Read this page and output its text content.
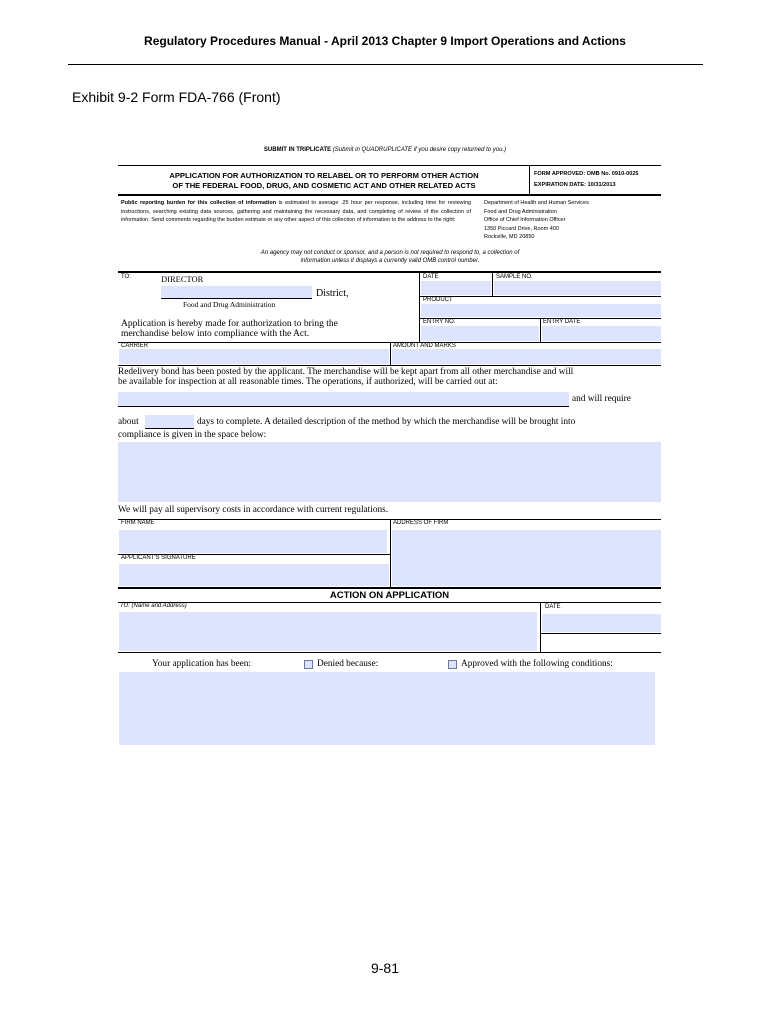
Regulatory Procedures Manual - April 2013 Chapter 9 Import Operations and Actions
Exhibit 9-2 Form FDA-766 (Front)
SUBMIT IN TRIPLICATE (Submit in QUADRUPLICATE if you desire copy returned to you.)
APPLICATION FOR AUTHORIZATION TO RELABEL OR TO PERFORM OTHER ACTION
OF THE FEDERAL FOOD, DRUG, AND COSMETIC ACT AND OTHER RELATED ACTS
FORM APPROVED: OMB No. 0910-0025
EXPIRATION DATE: 10/31/2013
Public reporting burden for this collection of information is estimated to average .25 hour per response, including time for reviewing instructions, searching existing data sources, gathering and maintaining the necessary data, and completing of review of the collection of information. Send comments regarding the burden estimate or any other aspect of this collection of information to the address to the right:
Department of Health and Human Services
Food and Drug Administration
Office of Chief Information Officer
1350 Piccard Drive, Room 400
Rockville, MD 20850
An agency may not conduct or sponsor, and a person is not required to respond to, a collection of
information unless it displays a currently valid OMB control number.
TO:	DIRECTOR
District,
Food and Drug Administration
DATE	SAMPLE NO.
PRODUCT
ENTRY NO.	ENTRY DATE
Application is hereby made for authorization to bring the
merchandise below into compliance with the Act.
CARRIER	AMOUNT AND MARKS
Redelivery bond has been posted by the applicant. The merchandise will be kept apart from all other merchandise and will
be available for inspection at all reasonable times. The operations, if authorized, will be carried out at:
and will require
about	days to complete. A detailed description of the method by which the merchandise will be brought into
compliance is given in the space below:
We will pay all supervisory costs in accordance with current regulations.
FIRM NAME	ADDRESS OF FIRM
APPLICANT'S SIGNATURE
ACTION ON APPLICATION
TO: (Name and Address)	DATE
Your application has been:	Denied because:	Approved with the following conditions:
9-81
